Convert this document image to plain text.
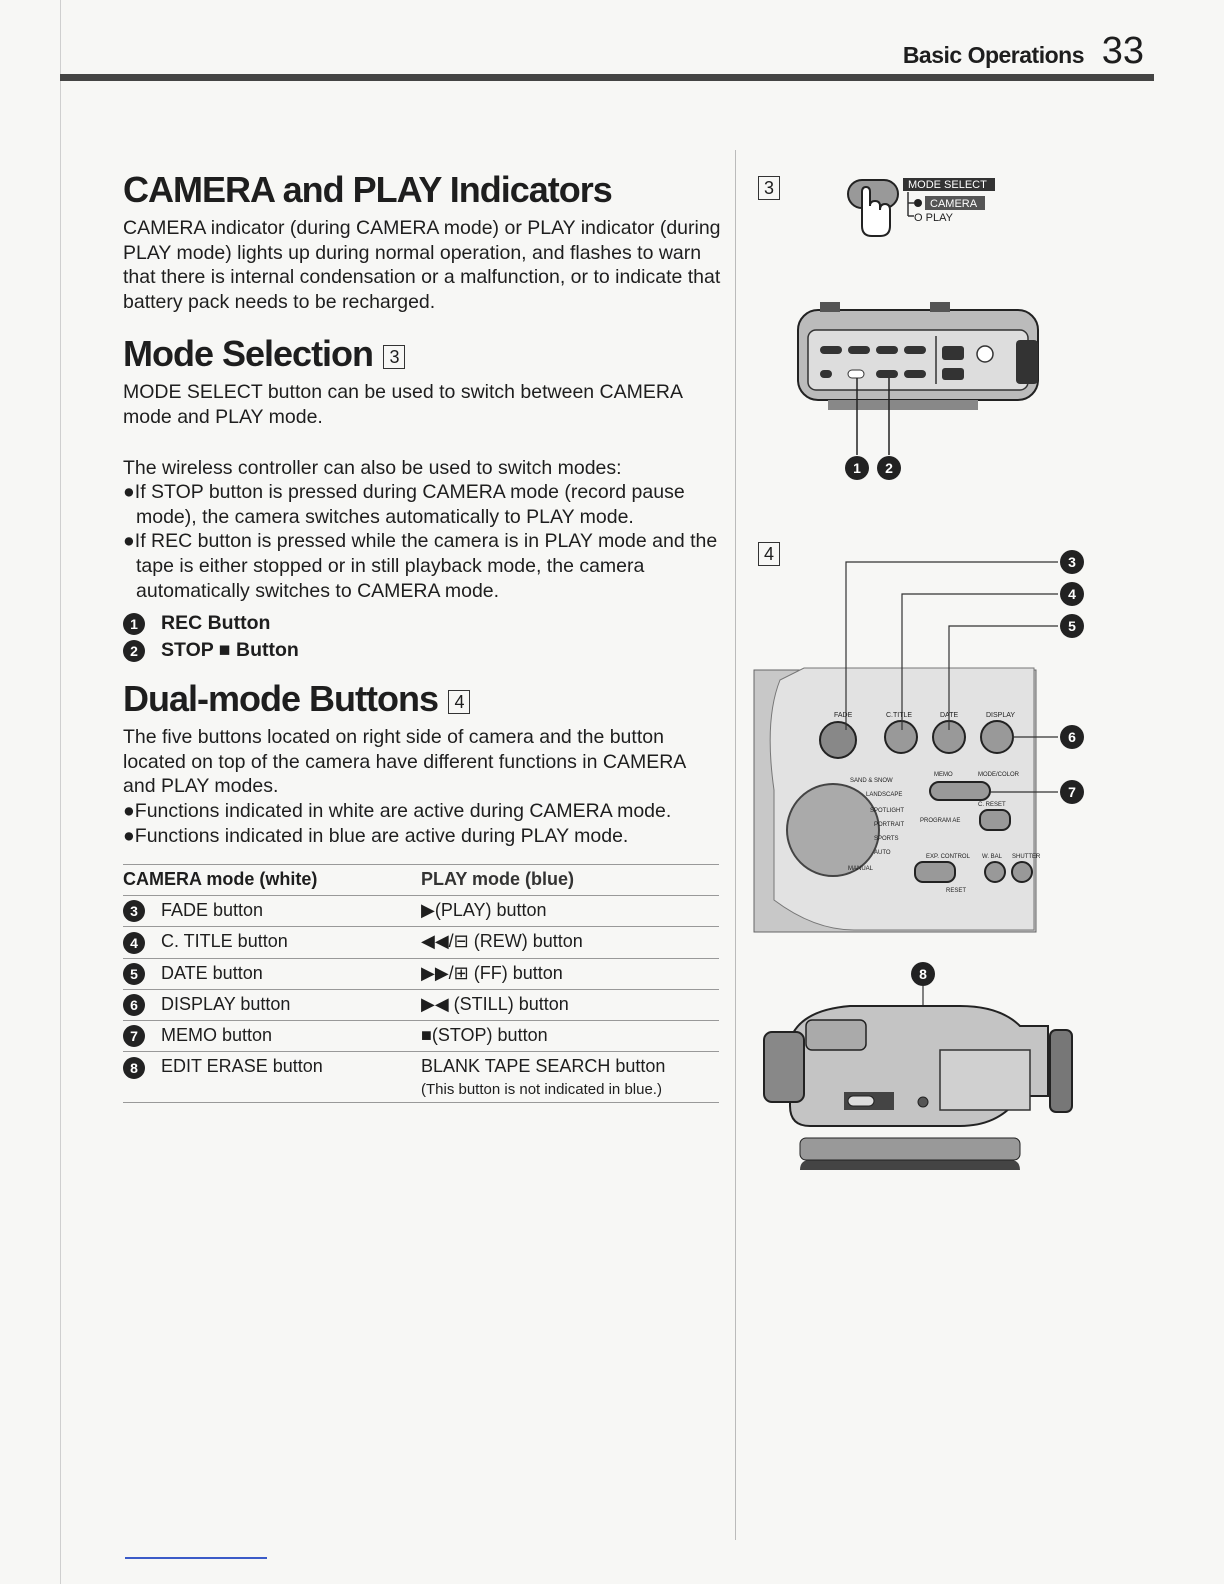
Basic Operations 33
CAMERA and PLAY Indicators

CAMERA indicator (during CAMERA mode) or PLAY indicator (during PLAY mode) lights up during normal operation, and flashes to warn that there is internal condensation or a malfunction, or to indicate that battery pack needs to be recharged.

Mode Selection 3

MODE SELECT button can be used to switch between CAMERA mode and PLAY mode.

The wireless controller can also be used to switch modes:

●If STOP button is pressed during CAMERA mode (record pause mode), the camera switches automatically to PLAY mode.

●If REC button is pressed while the camera is in PLAY mode and the tape is either stopped or in still playback mode, the camera automatically switches to CAMERA mode.

1 REC Button
2 STOP ■ Button
Dual-mode Buttons 4

The five buttons located on right side of camera and the button located on top of the camera have different functions in CAMERA and PLAY modes.

●Functions indicated in white are active during CAMERA mode.

●Functions indicated in blue are active during PLAY mode.

CAMERA mode (white)	PLAY mode (blue)
3 FADE button	▶(PLAY) button
4 C. TITLE button	◀◀/⊟ (REW) button
5 DATE button	▶▶/⊞ (FF) button
6 DISPLAY button	▶◀ (STILL) button
7 MEMO button	■(STOP) button
8 EDIT ERASE button	BLANK TAPE SEARCH button
(This button is not indicated in blue.)
3
4
MODE SELECT
CAMERA
O PLAY
1 2
FADE	C.TITLE	DATE	DISPLAY
MEMO	MODE/COLOR
SAND & SNOW
LANDSCAPE
SPOTLIGHT
PORTRAIT
SPORTS
AUTO
PROGRAM AE
C. RESET
EXP. CONTROL W. BAL SHUTTER
MANUAL
RESET
3
4
5
6
7
8
